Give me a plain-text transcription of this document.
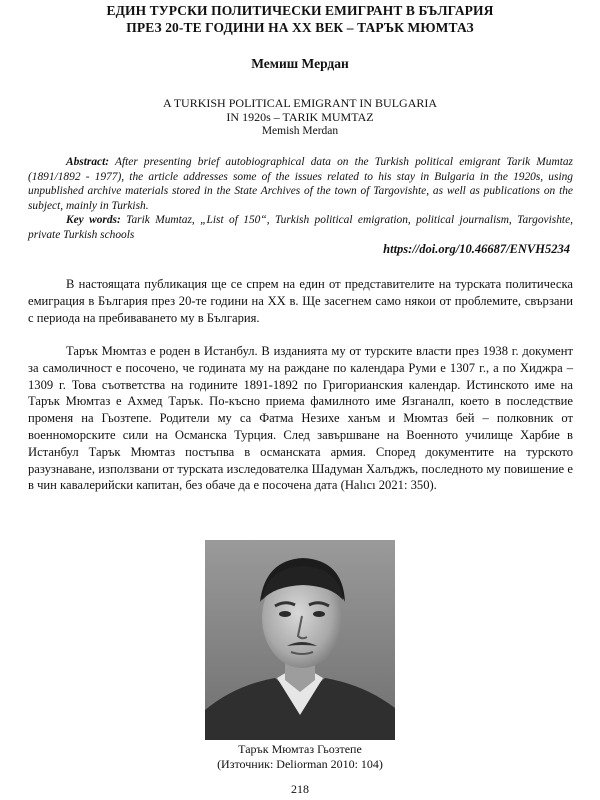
ЕДИН ТУРСКИ ПОЛИТИЧЕСКИ ЕМИГРАНТ В БЪЛГАРИЯ
ПРЕЗ 20-ТЕ ГОДИНИ НА XX ВЕК – ТАРЪК МЮМТАЗ
Мемиш Мердан
A TURKISH POLITICAL EMIGRANT IN BULGARIA
IN 1920s – TARIK MUMTAZ
Memish Merdan

Abstract: After presenting brief autobiographical data on the Turkish political emigrant Tarik Mumtaz (1891/1892 - 1977), the article addresses some of the issues related to his stay in Bulgaria in the 1920s, using unpublished archive materials stored in the State Archives of the town of Targovishte, as well as publications on the subject, mainly in Turkish.

Key words: Tarik Mumtaz, „List of 150“, Turkish political emigration, political journalism, Targovishte, private Turkish schools

https://doi.org/10.46687/ENVH5234

В настоящата публикация ще се спрем на един от представителите на турската политическа емиграция в България през 20-те години на XX в. Ще засегнем само някои от проблемите, свързани с периода на пребиваването му в България.

Тарък Мюмтаз е роден в Истанбул. В изданията му от турските власти през 1938 г. документ за самоличност е посочено, че годината му на раждане по календара Руми е 1307 г., а по Хиджра – 1309 г. Това съответства на годините 1891-1892 по Григорианския календар. Истинското име на Тарък Мюмтаз е Ахмед Тарък. По-късно приема фамилното име Язганалп, което в последствие променя на Гьозтепе. Родители му са Фатма Незихе ханъм и Мюмтаз бей – полковник от военноморските сили на Османска Турция. След завършване на Военното училище Харбие в Истанбул Тарък Мюмтаз постъпва в османската армия. Според документите на турското разузнаване, използвани от турската изследователка Шадуман Халъджъ, последното му повишение е в чин кавалерийски капитан, без обаче да е посочена дата (Halıcı 2021: 350).

Тарък Мюмтаз Гьозтепе
(Източник: Deliorman 2010: 104)
218
